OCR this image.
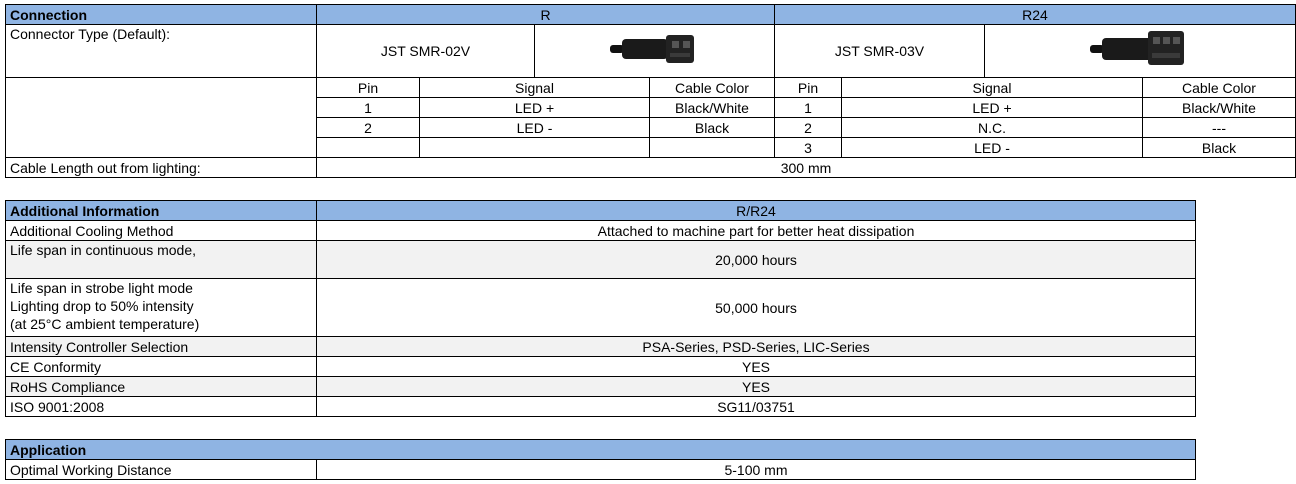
Connection	R				R24			
Connector Type (Default):	JST SMR-02V				JST SMR-03V	
	Pin	Signal		Cable Color	Pin	Signal		Cable Color
	1	LED +		Black/White	1	LED +		Black/White
	2	LED -		Black	2	N.C.		---
					3	LED -		Black
Cable Length out from lighting:	300 mm							
Additional Information	R/R24
Additional Cooling Method	Attached to machine part for better heat dissipation
Life span in continuous mode,	20,000 hours

Life span in strobe light mode
Lighting drop to 50% intensity
(at 25°C ambient temperature)	50,000 hours
Intensity Controller Selection	PSA-Series, PSD-Series, LIC-Series
CE Conformity	YES
RoHS Compliance	YES
ISO 9001:2008	SG11/03751
Application
Optimal Working Distance	5-100 mm
